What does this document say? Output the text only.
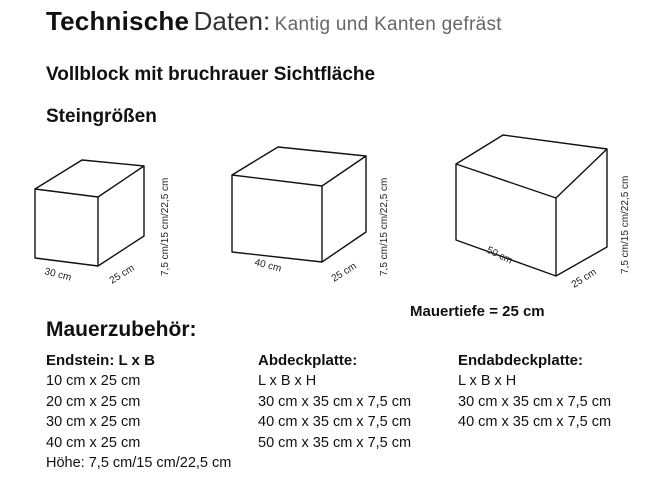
Technische Daten: Kantig und Kanten gefräst
Vollblock mit bruchrauer Sichtfläche
Steingrößen
30 cm	25 cm 7,5 cm/15 cm/22,5 cm	40 cm	25 cm 7,5 cm/15 cm/22,5 cm	50 cm
25 cm
7,5 cm/15 cm/22,5 cm
Mauertiefe = 25 cm
Mauerzubehör:
Endstein: L x B
10 cm x 25 cm
20 cm x 25 cm
30 cm x 25 cm
40 cm x 25 cm
Höhe: 7,5 cm/15 cm/22,5 cm
Abdeckplatte:
L x B x H
30 cm x 35 cm x 7,5 cm
40 cm x 35 cm x 7,5 cm
50 cm x 35 cm x 7,5 cm
Endabdeckplatte:
L x B x H
30 cm x 35 cm x 7,5 cm
40 cm x 35 cm x 7,5 cm
